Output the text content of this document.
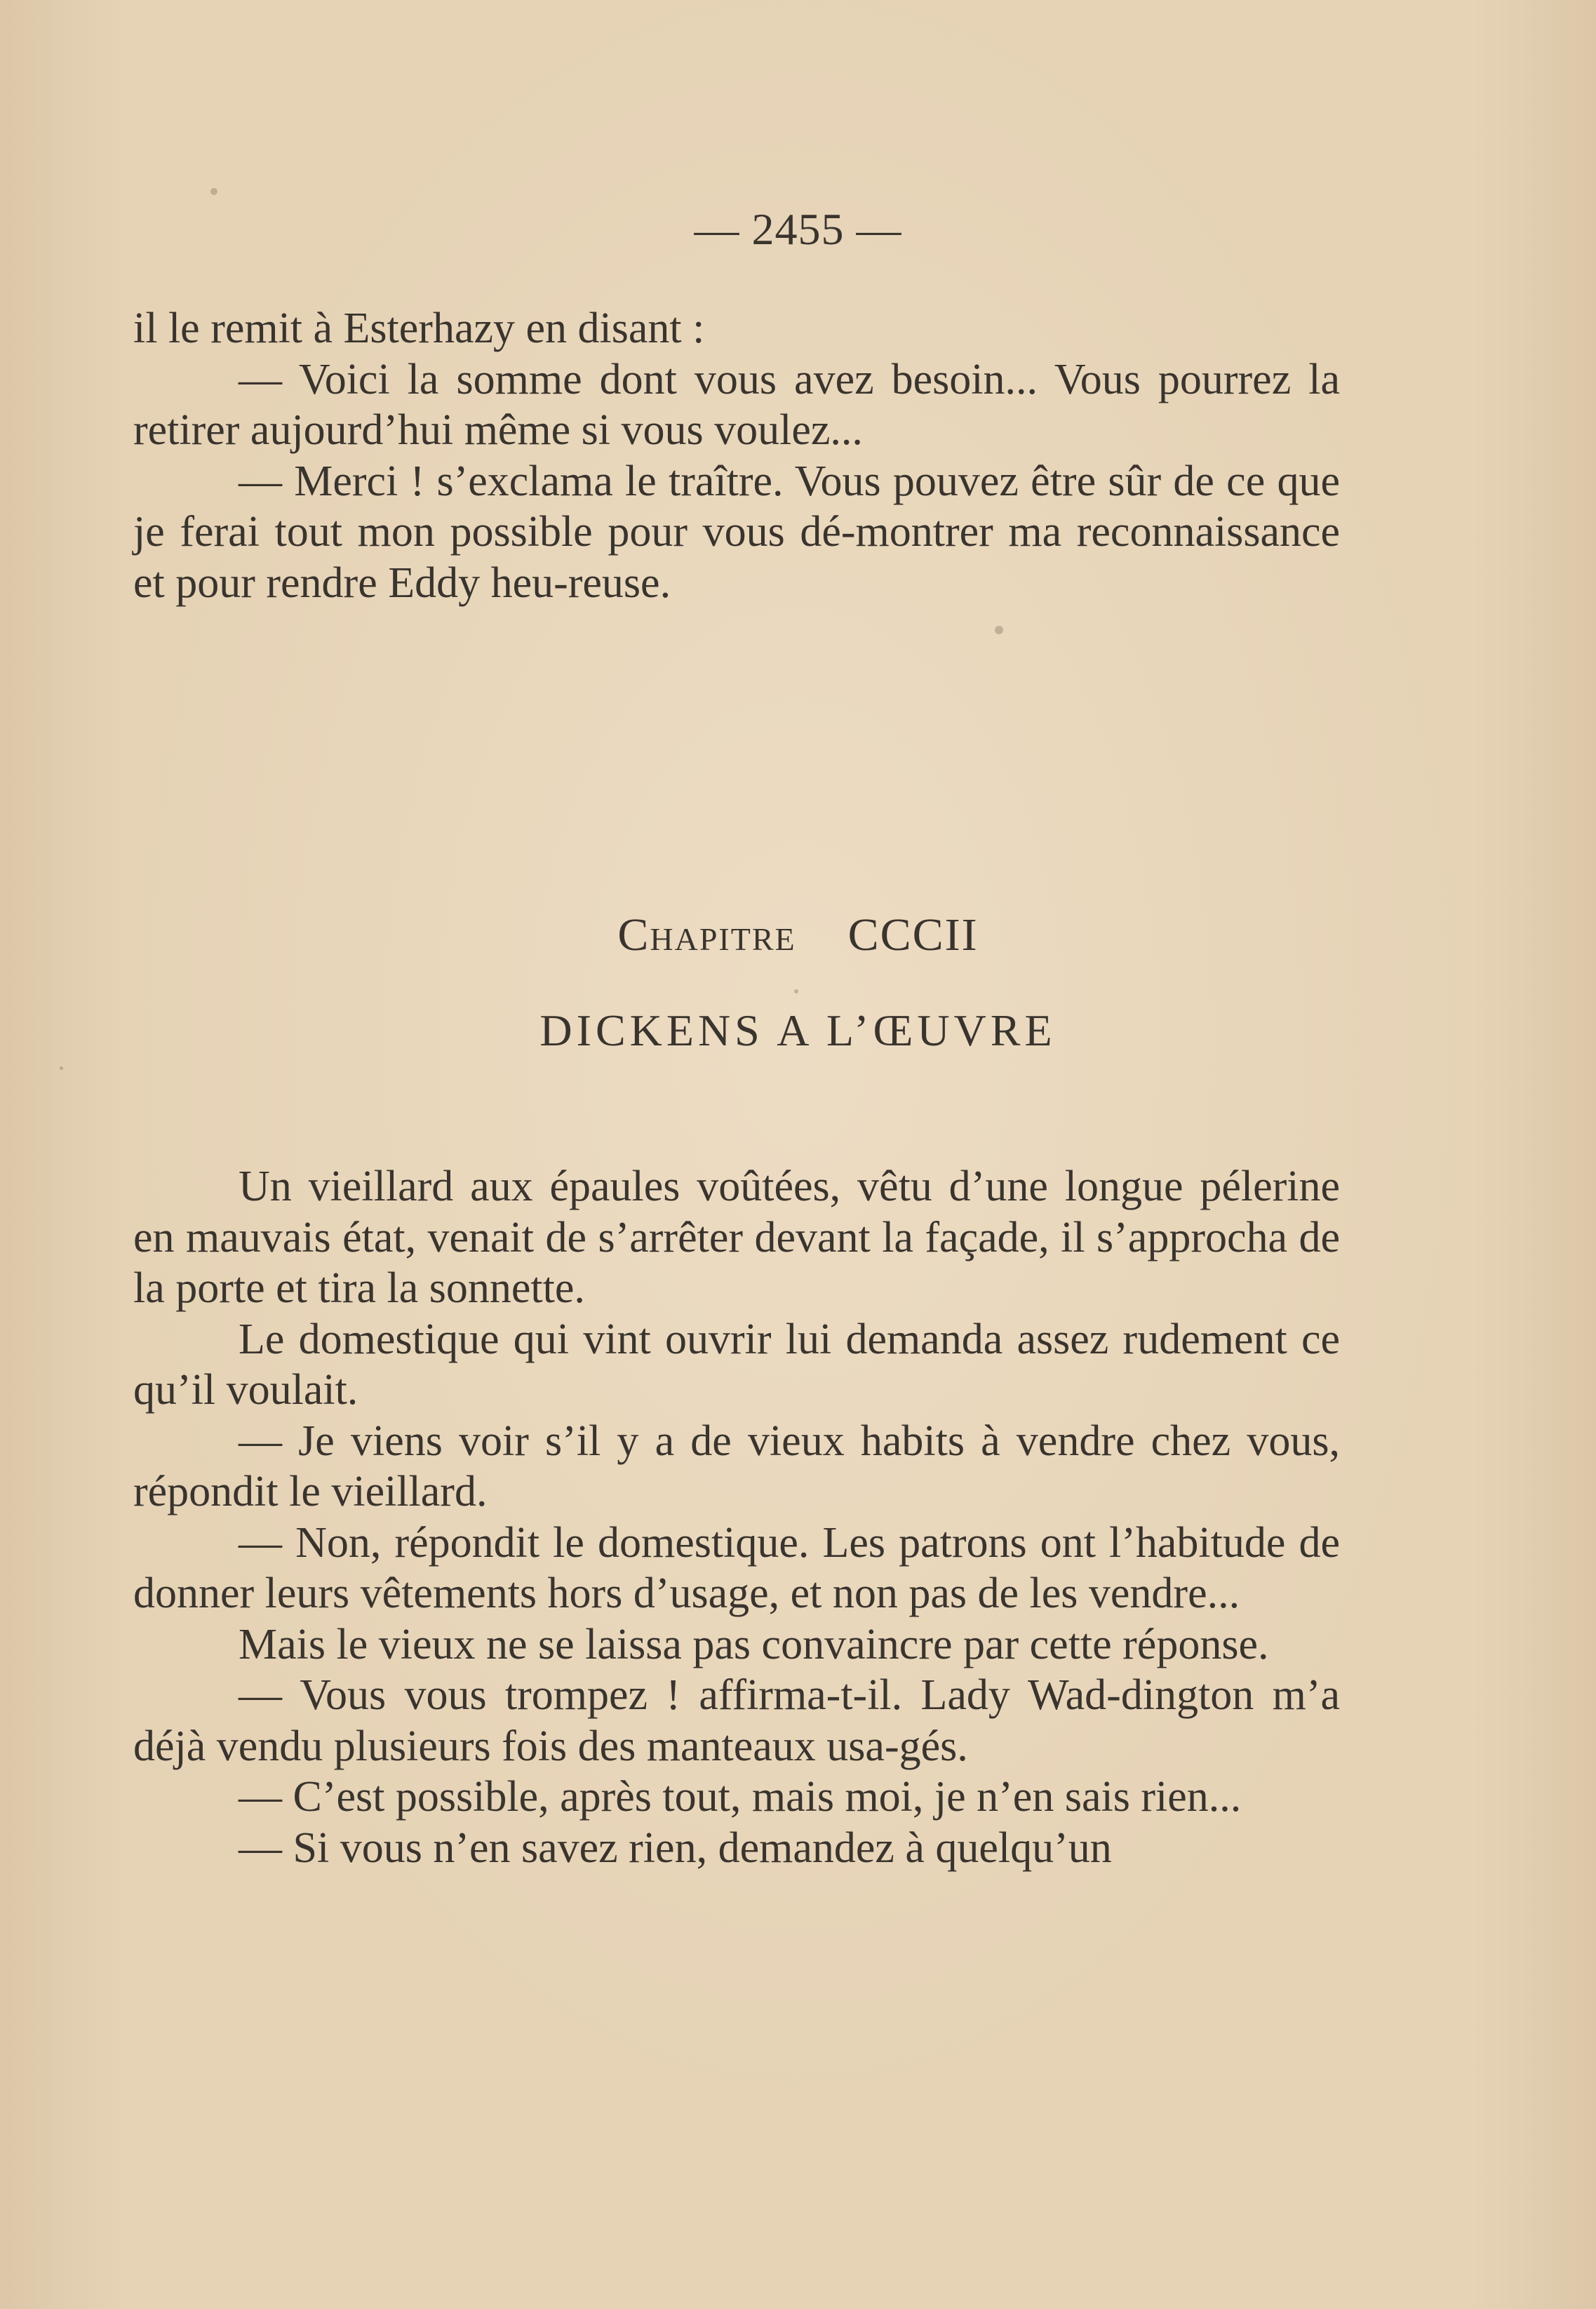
— 2455 —

il le remit à Esterhazy en disant :

— Voici la somme dont vous avez besoin... Vous pourrez la retirer aujourd’hui même si vous voulez...

— Merci ! s’exclama le traître. Vous pouvez être sûr de ce que je ferai tout mon possible pour vous dé-montrer ma reconnaissance et pour rendre Eddy heu-reuse.

Chapitre CCCII
DICKENS A L’ŒUVRE

Un vieillard aux épaules voûtées, vêtu d’une longue pélerine en mauvais état, venait de s’arrêter devant la façade, il s’approcha de la porte et tira la sonnette.

Le domestique qui vint ouvrir lui demanda assez rudement ce qu’il voulait.

— Je viens voir s’il y a de vieux habits à vendre chez vous, répondit le vieillard.

— Non, répondit le domestique. Les patrons ont l’habitude de donner leurs vêtements hors d’usage, et non pas de les vendre...

Mais le vieux ne se laissa pas convaincre par cette réponse.

— Vous vous trompez ! affirma-t-il. Lady Wad-dington m’a déjà vendu plusieurs fois des manteaux usa-gés.

— C’est possible, après tout, mais moi, je n’en sais rien...

— Si vous n’en savez rien, demandez à quelqu’un
